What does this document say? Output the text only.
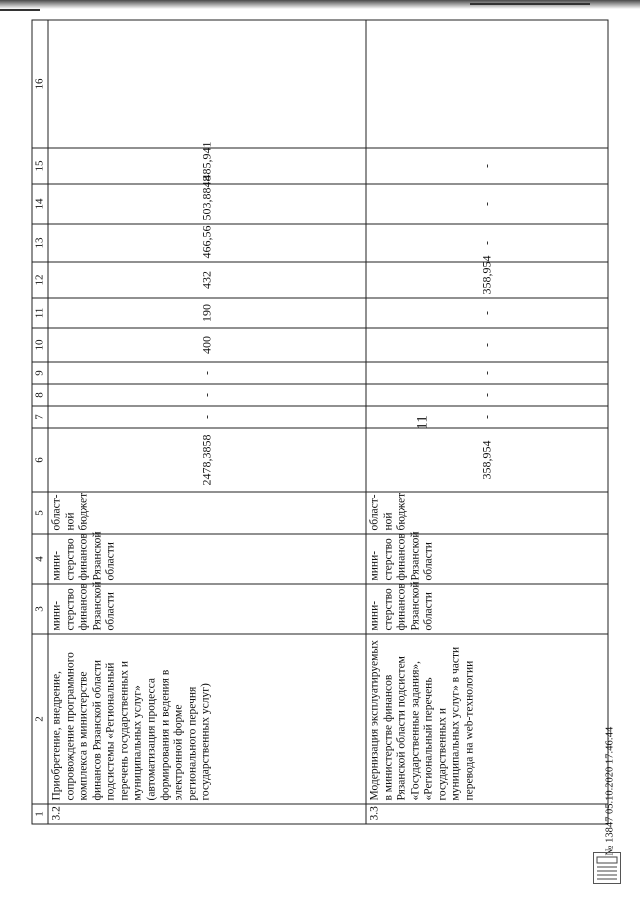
11
1	2	3	4	5	6	7	8	9	10	11	12	13	14	15	16
3.2	Приобретение, внедрение, сопровождение программного комплекса в министерстве финансов Рязанской области подсистемы «Региональный перечень государственных и муниципальных услуг» (автоматизация процесса формирования и ведения в электронной форме регионального перечня государственных услуг)	мини-стерство финансов Рязанской области	мини-стерство финансов Рязанской области	област-ной бюджет	2478,3858	-	-	-	400	190	432	466,56	503,8848	485,941	
3.3	Модернизация эксплуатируемых в министерстве финансов Рязанской области подсистем «Государственные задания», «Региональный перечень государственных и муниципальных услуг» в части перевода на web-технологии	мини-стерство финансов Рязанской области	мини-стерство финансов Рязанской области	област-ной бюджет	358,954	-	-	-	-	-	358,954	-	-	-	
№ 13847 05.10.2020 17:46:44
